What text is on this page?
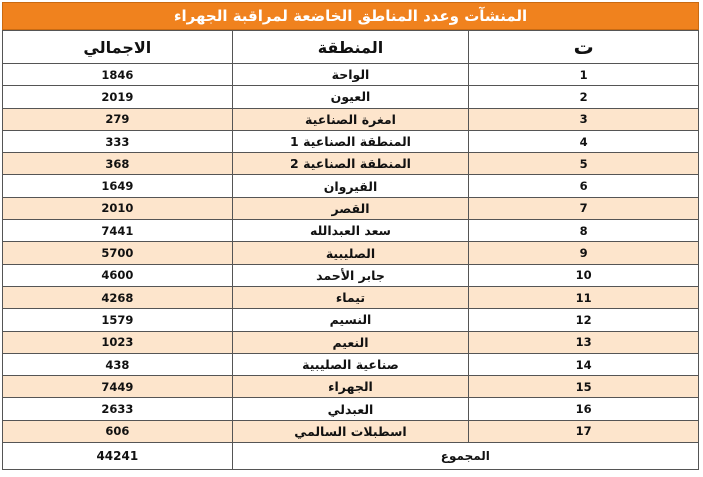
المنشآت وعدد المناطق الخاضعة لمراقبة الجهراء
الاجمالي	المنطقة	ت
1846	الواحة	1
2019	العيون	2
279	امغرة الصناعية	3
333	المنطقة الصناعية 1	4
368	المنطقة الصناعية 2	5
1649	القيروان	6
2010	القصر	7
7441	سعد العبدالله	8
5700	الصليبية	9
4600	جابر الأحمد	10
4268	تيماء	11
1579	النسيم	12
1023	النعيم	13
438	صناعية الصليبية	14
7449	الجهراء	15
2633	العبدلي	16
606	اسطبلات السالمي	17
44241	المجموع	
